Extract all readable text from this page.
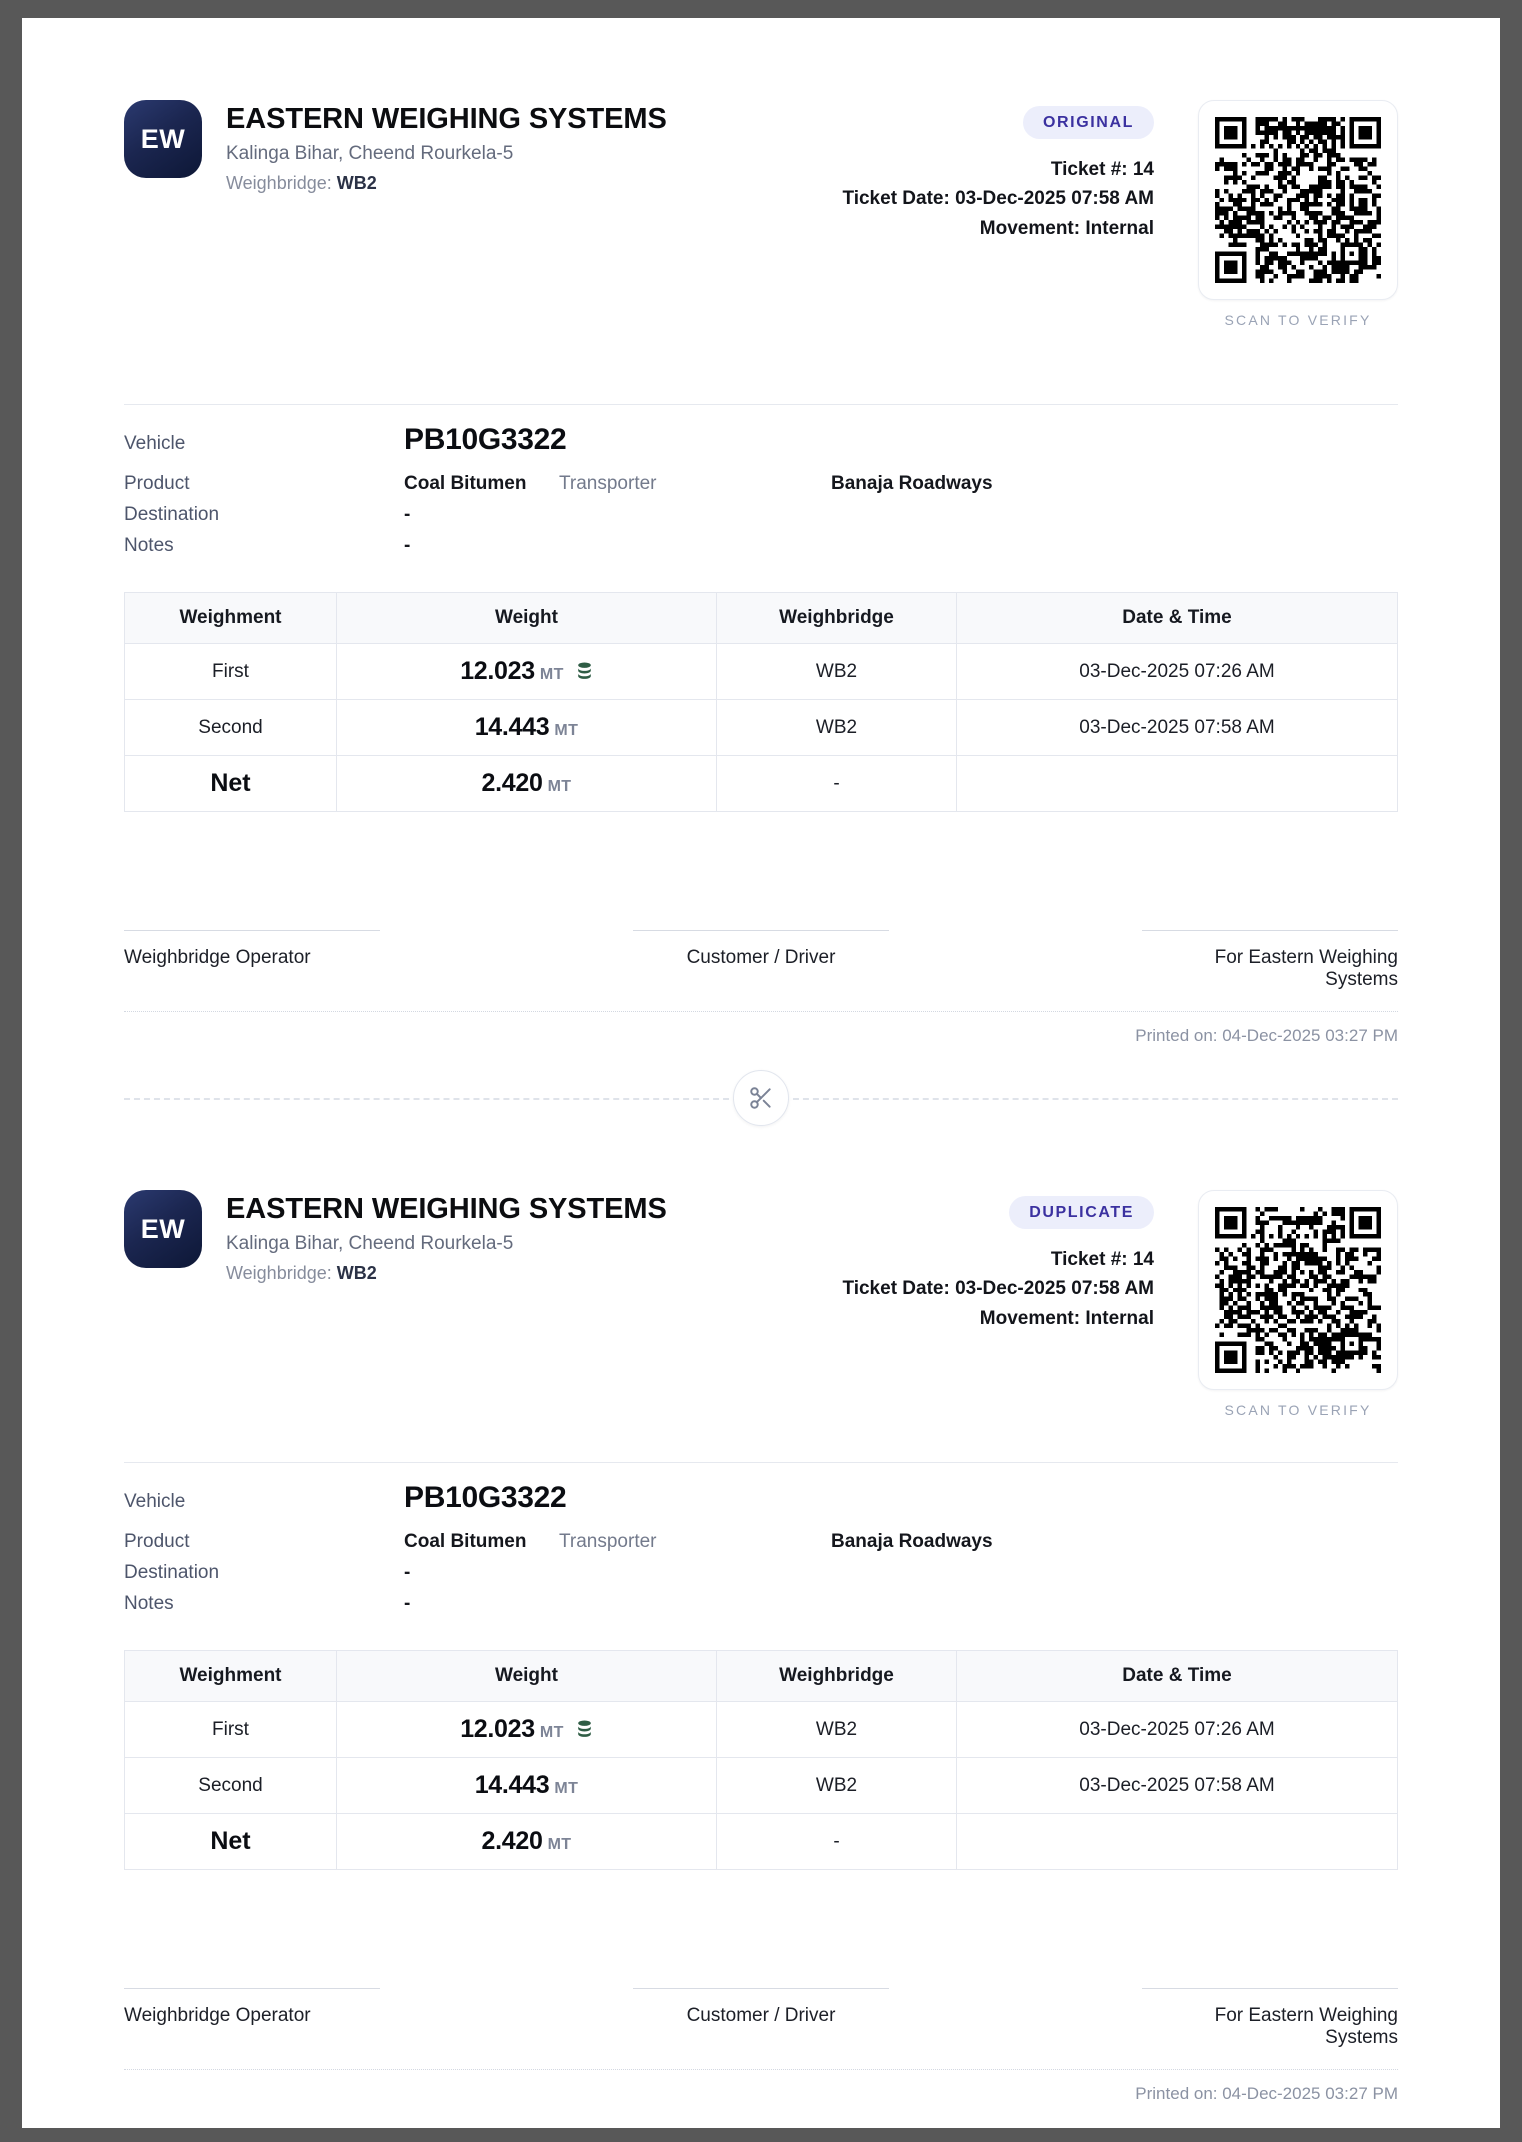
EW
EASTERN WEIGHING SYSTEMS
Kalinga Bihar, Cheend Rourkela-5
Weighbridge: WB2
ORIGINAL
Ticket #: 14
Ticket Date: 03-Dec-2025 07:58 AM
Movement: Internal
SCAN TO VERIFY
Vehicle	PB10G3322
Product	Coal Bitumen	Transporter	Banaja Roadways
Destination	-
Notes	-
Weighment	Weight	Weighbridge	Date & Time
First	12.023 MT	WB2	03-Dec-2025 07:26 AM
Second	14.443 MT	WB2	03-Dec-2025 07:58 AM
Net	2.420 MT	-	
Weighbridge Operator	Customer / Driver	For Eastern Weighing Systems
Printed on: 04-Dec-2025 03:27 PM
EW
EASTERN WEIGHING SYSTEMS
Kalinga Bihar, Cheend Rourkela-5
Weighbridge: WB2
DUPLICATE
Ticket #: 14
Ticket Date: 03-Dec-2025 07:58 AM
Movement: Internal
SCAN TO VERIFY
Vehicle	PB10G3322
Product	Coal Bitumen	Transporter	Banaja Roadways
Destination	-
Notes	-
Weighment	Weight	Weighbridge	Date & Time
First	12.023 MT	WB2	03-Dec-2025 07:26 AM
Second	14.443 MT	WB2	03-Dec-2025 07:58 AM
Net	2.420 MT	-	
Weighbridge Operator	Customer / Driver	For Eastern Weighing Systems
Printed on: 04-Dec-2025 03:27 PM
